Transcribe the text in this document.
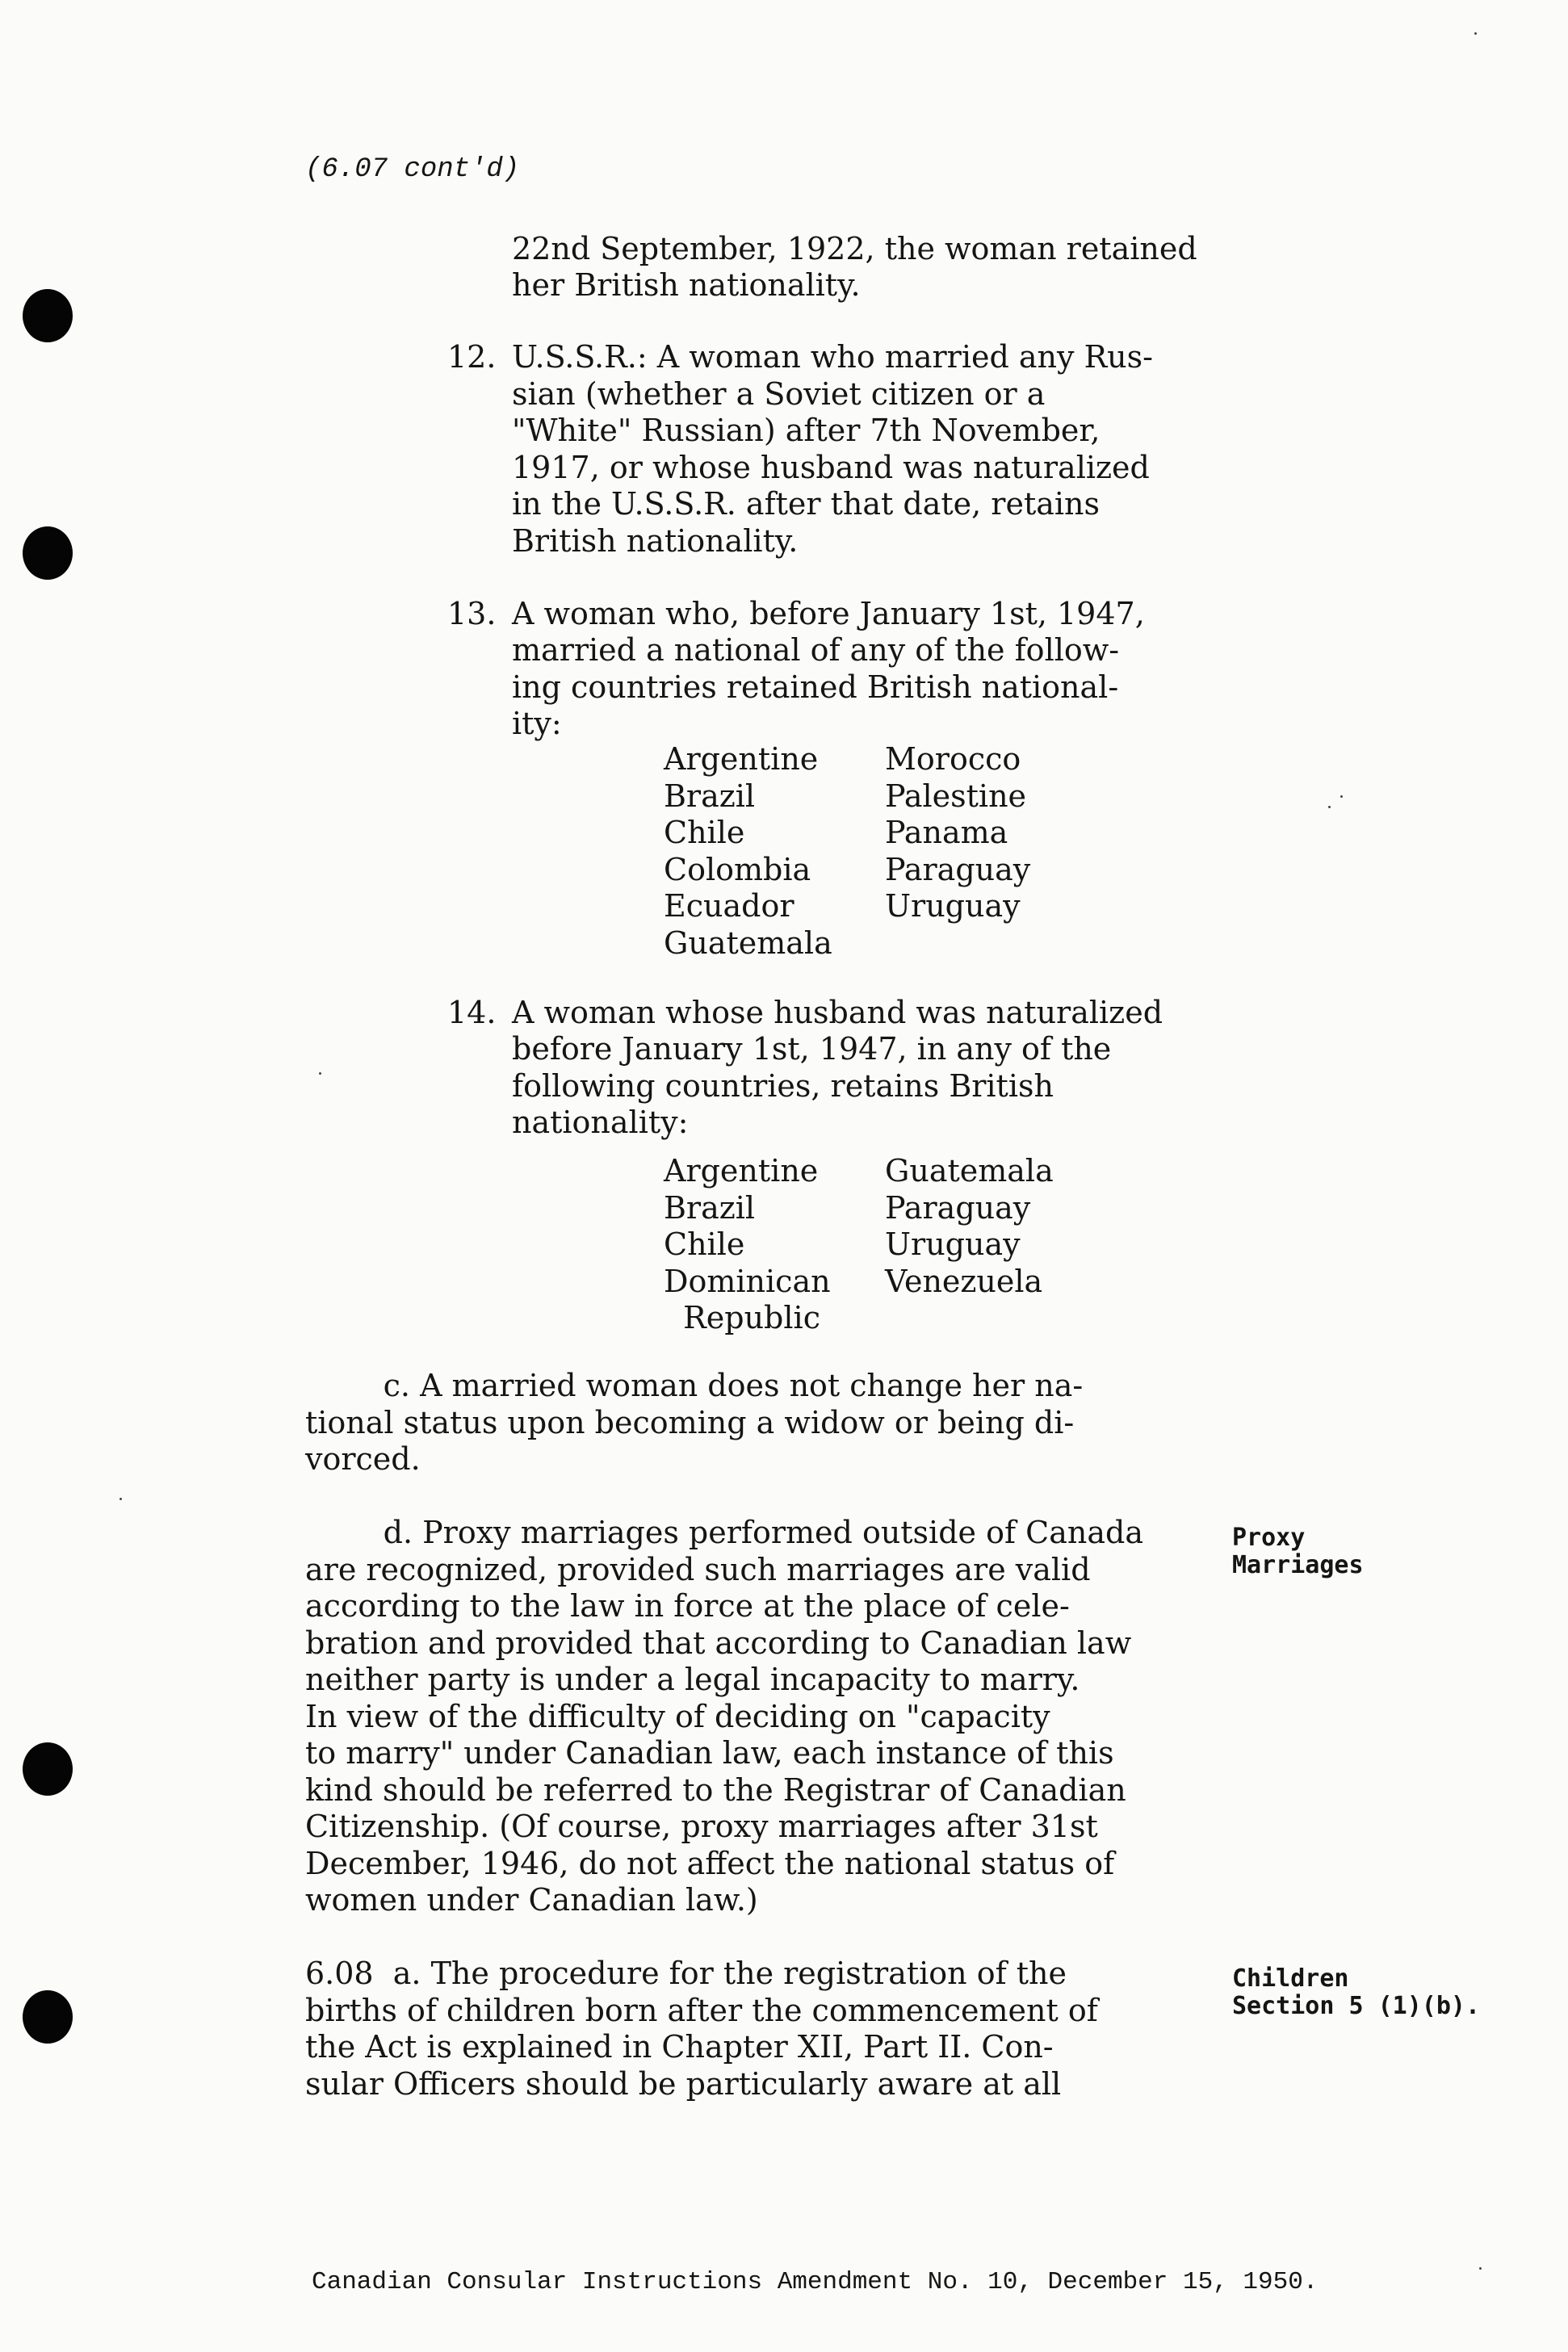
(6.07 cont'd)
22nd September, 1922, the woman retained
her British nationality.
12. U.S.S.R.: A woman who married any Rus-
sian (whether a Soviet citizen or a
"White" Russian) after 7th November,
1917, or whose husband was naturalized
in the U.S.S.R. after that date, retains
British nationality.
13. A woman who, before January 1st, 1947,
married a national of any of the follow-
ing countries retained British national-
ity:
Argentine
Brazil
Chile
Colombia
Ecuador
Guatemala
Morocco
Palestine
Panama
Paraguay
Uruguay
14. A woman whose husband was naturalized
before January 1st, 1947, in any of the
following countries, retains British
nationality:
Argentine
Brazil
Chile
Dominican
Republic
Guatemala
Paraguay
Uruguay
Venezuela
c. A married woman does not change her na-
tional status upon becoming a widow or being di-
vorced.
d. Proxy marriages performed outside of Canada
are recognized, provided such marriages are valid
according to the law in force at the place of cele-
bration and provided that according to Canadian law
neither party is under a legal incapacity to marry.
In view of the difficulty of deciding on "capacity
to marry" under Canadian law, each instance of this
kind should be referred to the Registrar of Canadian
Citizenship. (Of course, proxy marriages after 31st
December, 1946, do not affect the national status of
women under Canadian law.)
Proxy
Marriages
6.08  a. The procedure for the registration of the
births of children born after the commencement of
the Act is explained in Chapter XII, Part II. Con-
sular Officers should be particularly aware at all
Children
Section 5 (1)(b).
Canadian Consular Instructions Amendment No. 10, December 15, 1950.
